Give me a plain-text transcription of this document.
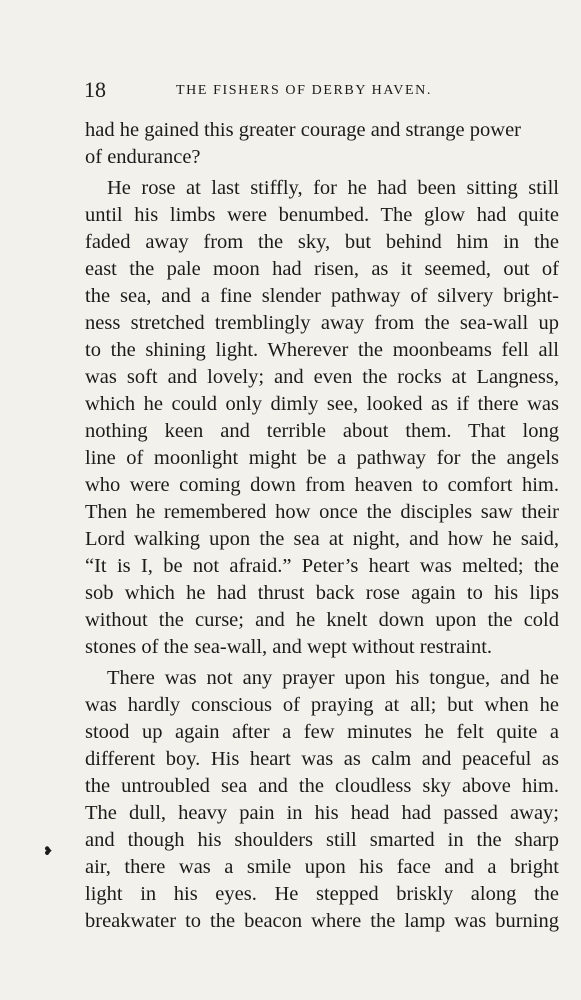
18	THE FISHERS OF DERBY HAVEN.
had he gained this greater courage and strange power
of endurance?
He rose at last stiffly, for he had been sitting still
until his limbs were benumbed. The glow had quite
faded away from the sky, but behind him in the
east the pale moon had risen, as it seemed, out of
the sea, and a fine slender pathway of silvery bright-
ness stretched tremblingly away from the sea-wall up
to the shining light. Wherever the moonbeams fell all
was soft and lovely; and even the rocks at Langness,
which he could only dimly see, looked as if there was
nothing keen and terrible about them. That long
line of moonlight might be a pathway for the angels
who were coming down from heaven to comfort him.
Then he remembered how once the disciples saw their
Lord walking upon the sea at night, and how he said,
“It is I, be not afraid.” Peter’s heart was melted; the
sob which he had thrust back rose again to his lips
without the curse; and he knelt down upon the cold
stones of the sea-wall, and wept without restraint.
There was not any prayer upon his tongue, and he
was hardly conscious of praying at all; but when he
stood up again after a few minutes he felt quite a
different boy. His heart was as calm and peaceful as
the untroubled sea and the cloudless sky above him.
The dull, heavy pain in his head had passed away;
and though his shoulders still smarted in the sharp
air, there was a smile upon his face and a bright
light in his eyes. He stepped briskly along the
breakwater to the beacon where the lamp was burning
❥
